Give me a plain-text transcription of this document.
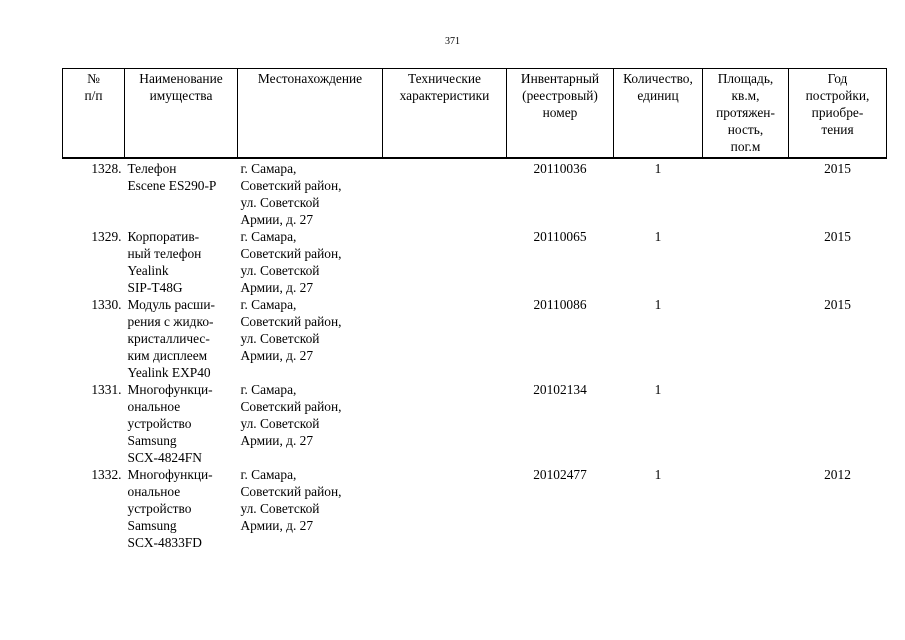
371
№
п/п	Наименование
имущества	Местонахождение	Технические
характеристики	Инвентарный
(реестровый)
номер	Количество,
единиц	Площадь,
кв.м,
протяжен-
ность,
пог.м	Год
постройки,
приобре-
тения
1328.	Телефон
Escene ES290-P	г. Самара,
Советский район,
ул. Советской
Армии, д. 27		20110036	1		2015
1329.	Корпоратив-
ный телефон
Yealink
SIP-T48G	г. Самара,
Советский район,
ул. Советской
Армии, д. 27		20110065	1		2015
1330.	Модуль расши-
рения с жидко-
кристалличес-
ким дисплеем
Yealink EXP40	г. Самара,
Советский район,
ул. Советской
Армии, д. 27		20110086	1		2015
1331.	Многофункци-
ональное
устройство
Samsung
SCX-4824FN	г. Самара,
Советский район,
ул. Советской
Армии, д. 27		20102134	1		
1332.	Многофункци-
ональное
устройство
Samsung
SCX-4833FD	г. Самара,
Советский район,
ул. Советской
Армии, д. 27		20102477	1		2012
